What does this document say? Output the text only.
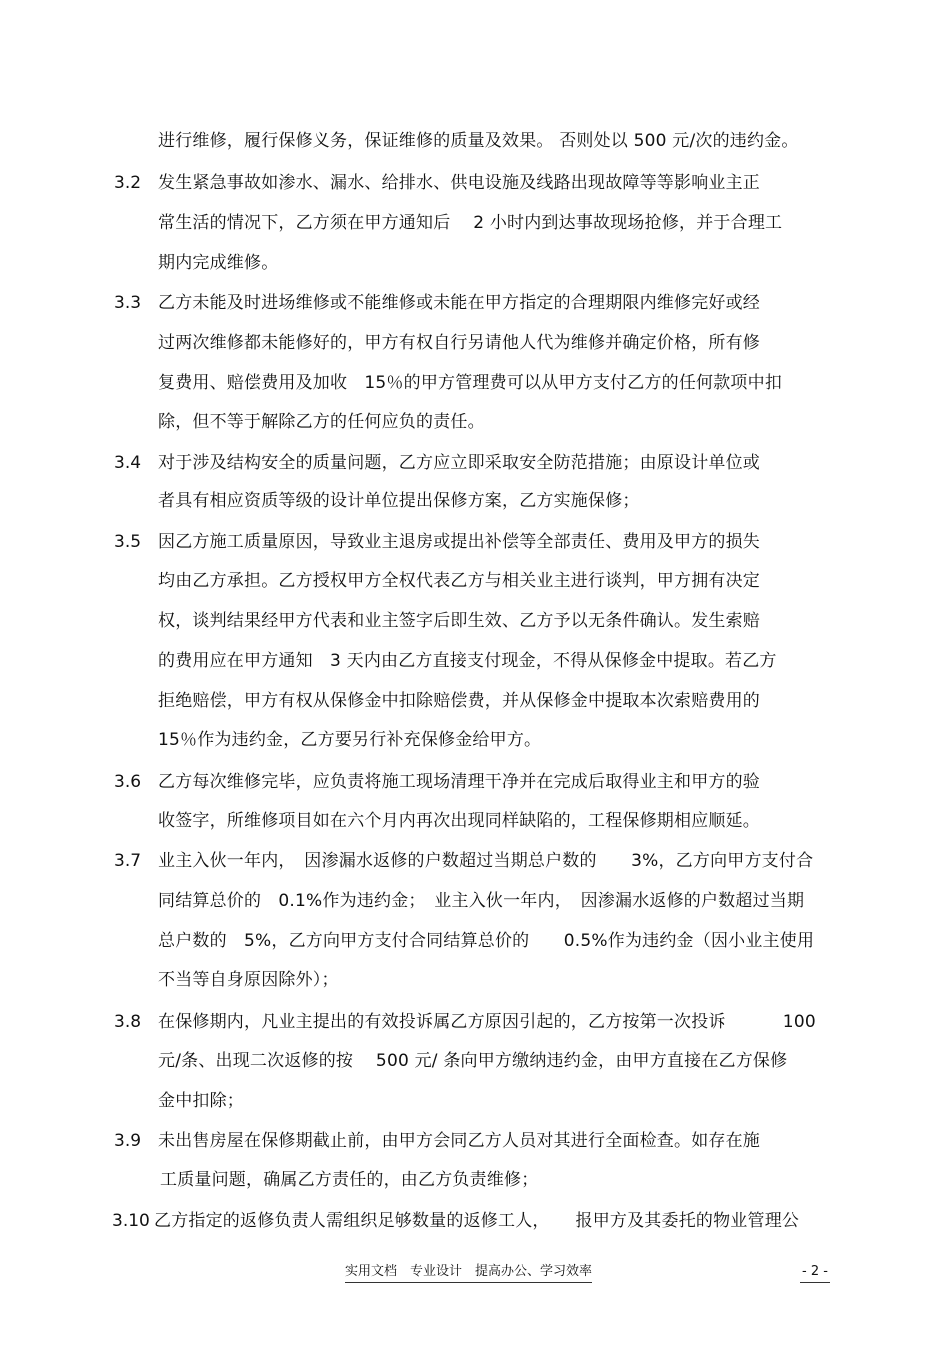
进行维修，履行保修义务，保证维修的质量及效果。 否则处以 500 元/次的违约金。
3.2 发生紧急事故如渗水、漏水、给排水、供电设施及线路出现故障等等影响业主正
常生活的情况下，乙方须在甲方通知后　 2 小时内到达事故现场抢修，并于合理工
期内完成维修。
3.3 乙方未能及时进场维修或不能维修或未能在甲方指定的合理期限内维修完好或经
过两次维修都未能修好的，甲方有权自行另请他人代为维修并确定价格，所有修
复费用、赔偿费用及加收　15％的甲方管理费可以从甲方支付乙方的任何款项中扣
除，但不等于解除乙方的任何应负的责任。
3.4 对于涉及结构安全的质量问题，乙方应立即采取安全防范措施；由原设计单位或
者具有相应资质等级的设计单位提出保修方案，乙方实施保修；
3.5 因乙方施工质量原因，导致业主退房或提出补偿等全部责任、费用及甲方的损失
均由乙方承担。乙方授权甲方全权代表乙方与相关业主进行谈判，甲方拥有决定
权，谈判结果经甲方代表和业主签字后即生效、乙方予以无条件确认。发生索赔
的费用应在甲方通知　3 天内由乙方直接支付现金，不得从保修金中提取。若乙方
拒绝赔偿，甲方有权从保修金中扣除赔偿费，并从保修金中提取本次索赔费用的
15％作为违约金，乙方要另行补充保修金给甲方。
3.6 乙方每次维修完毕，应负责将施工现场清理干净并在完成后取得业主和甲方的验
收签字，所维修项目如在六个月内再次出现同样缺陷的，工程保修期相应顺延。
3.7 业主入伙一年内，　因渗漏水返修的户数超过当期总户数的　　3%，乙方向甲方支付合
同结算总价的　0.1%作为违约金；　业主入伙一年内，　因渗漏水返修的户数超过当期
总户数的　5%，乙方向甲方支付合同结算总价的　　0.5%作为违约金（因小业主使用
不当等自身原因除外）；
3.8 在保修期内，凡业主提出的有效投诉属乙方原因引起的，乙方按第一次投诉　　　 100
元/条、出现二次返修的按　 500 元/ 条向甲方缴纳违约金，由甲方直接在乙方保修
金中扣除；
3.9 未出售房屋在保修期截止前，由甲方会同乙方人员对其进行全面检查。如存在施
工质量问题，确属乙方责任的，由乙方负责维修；
3.10 乙方指定的返修负责人需组织足够数量的返修工人，　　报甲方及其委托的物业管理公
实用文档　专业设计　提高办公、学习效率	- 2 -
